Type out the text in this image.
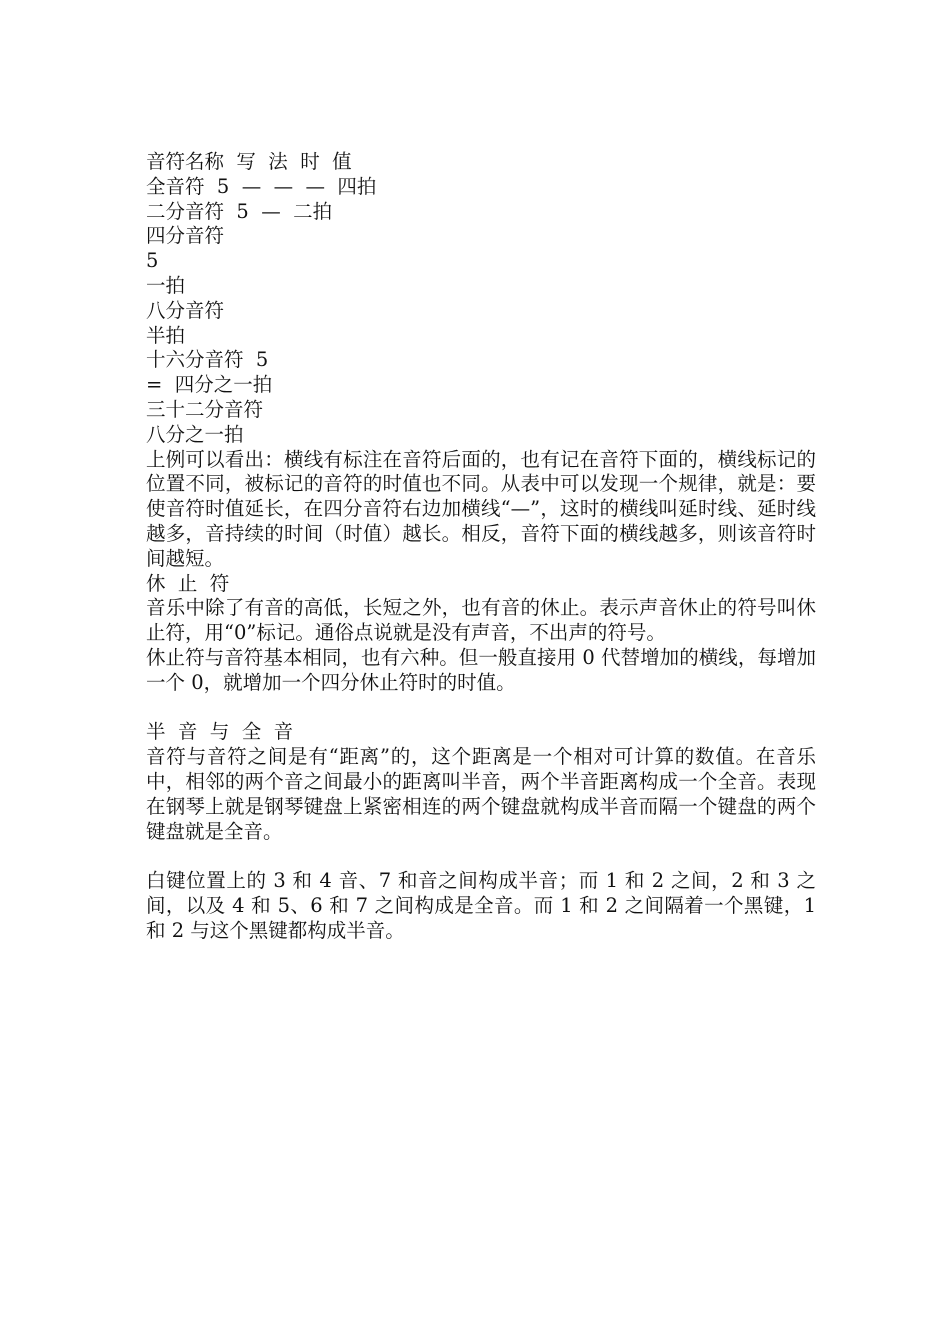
音符名称  写  法  时  值
全音符  5  —  —  —  四拍
二分音符  5  —  二拍
四分音符
5
一拍
八分音符
半拍
十六分音符  5
=  四分之一拍
三十二分音符
八分之一拍
上例可以看出：横线有标注在音符后面的，也有记在音符下面的，横线标记的位置不同，被标记的音符的时值也不同。从表中可以发现一个规律，就是：要使音符时值延长，在四分音符右边加横线“—”，这时的横线叫延时线、延时线越多，音持续的时间（时值）越长。相反，音符下面的横线越多，则该音符时间越短。
休  止  符
音乐中除了有音的高低，长短之外，也有音的休止。表示声音休止的符号叫休止符，用“0”标记。通俗点说就是没有声音，不出声的符号。
休止符与音符基本相同，也有六种。但一般直接用 0 代替增加的横线，每增加一个 0，就增加一个四分休止符时的时值。
半  音  与  全  音
音符与音符之间是有“距离”的，这个距离是一个相对可计算的数值。在音乐中，相邻的两个音之间最小的距离叫半音，两个半音距离构成一个全音。表现在钢琴上就是钢琴键盘上紧密相连的两个键盘就构成半音而隔一个键盘的两个键盘就是全音。
白键位置上的 3 和 4 音、7 和音之间构成半音；而 1 和 2 之间，2 和 3 之间，以及 4 和 5、6 和 7 之间构成是全音。而 1 和 2 之间隔着一个黑键，1 和 2 与这个黑键都构成半音。
